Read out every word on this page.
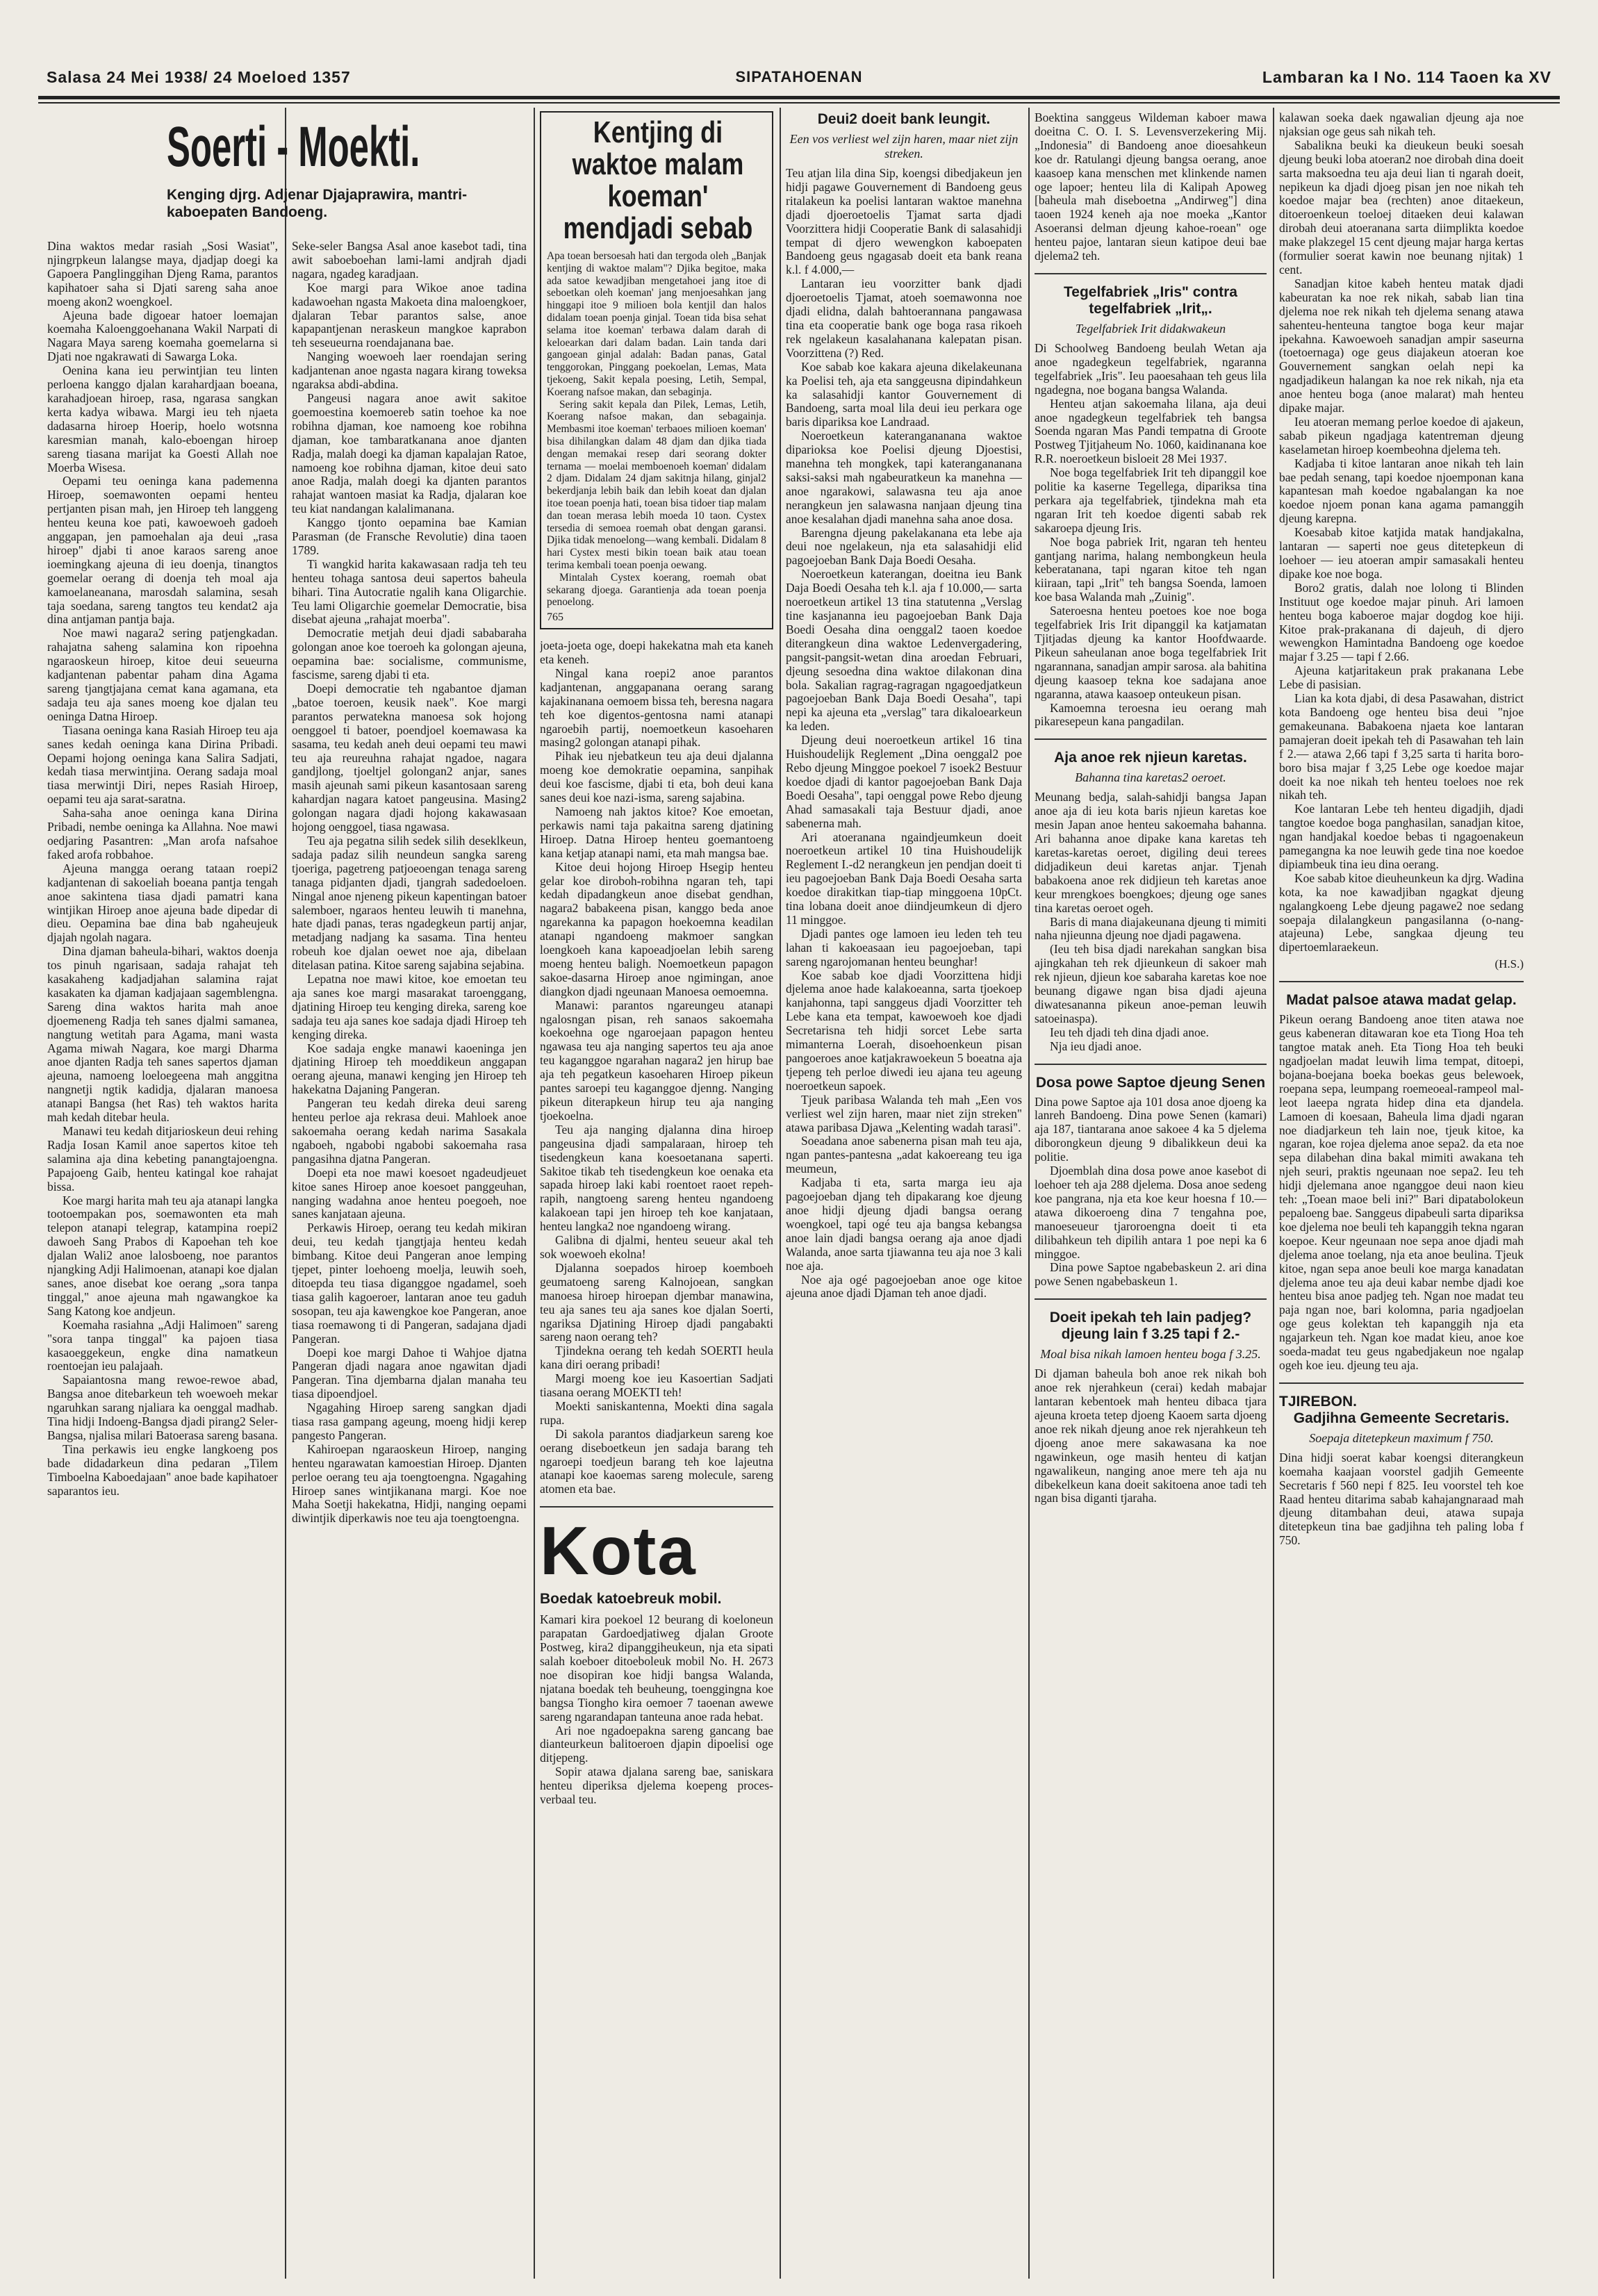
Salasa 24 Mei 1938/ 24 Moeloed 1357	SIPATAHOENAN	Lambaran ka I No. 114 Taoen ka XV
Soerti - Moekti.
Kenging djrg. Adjenar Djajaprawira, mantri-kaboepaten Bandoeng.

Dina waktos medar rasiah „Sosi Wasiat", njingrpkeun lalangse maya, djadjap doegi ka Gapoera Panglinggihan Djeng Rama, parantos kapihatoer saha si Djati sareng saha anoe moeng akon2 woengkoel.

Ajeuna bade digoear hatoer loemajan koemaha Kaloenggoehanana Wakil Narpati di Nagara Maya sareng koemaha goemelarna si Djati noe ngakrawati di Sawarga Loka.

Oenina kana ieu perwintjian teu linten perloena kanggo djalan karahardjaan boeana, karahadjoean hiroep, rasa, ngarasa sangkan kerta kadya wibawa. Margi ieu teh njaeta dadasarna hiroep Hoerip, hoelo wotsnna karesmian manah, kalo-eboengan hiroep sareng tiasana marijat ka Goesti Allah noe Moerba Wisesa.

Oepami teu oeninga kana pademenna Hiroep, soemawonten oepami henteu pertjanten pisan mah, jen Hiroep teh langgeng henteu keuna koe pati, kawoewoeh gadoeh anggapan, jen pamoehalan aja deui „rasa hiroep" djabi ti anoe karaos sareng anoe ioemingkang ajeuna di ieu doenja, tinangtos goemelar oerang di doenja teh moal aja kamoelaneanana, marosdah salamina, sesah taja soedana, sareng tangtos teu kendat2 aja dina antjaman pantja baja.

Noe mawi nagara2 sering patjengkadan. rahajatna saheng salamina kon ripoehna ngaraoskeun hiroep, kitoe deui seueurna kadjantenan pabentar paham dina Agama sareng tjangtjajana cemat kana agamana, eta sadaja teu aja sanes moeng koe djalan teu oeninga Datna Hiroep.

Tiasana oeninga kana Rasiah Hiroep teu aja sanes kedah oeninga kana Dirina Pribadi. Oepami hojong oeninga kana Salira Sadjati, kedah tiasa merwintjina. Oerang sadaja moal tiasa merwintji Diri, nepes Rasiah Hiroep, oepami teu aja sarat-saratna.

Saha-saha anoe oeninga kana Dirina Pribadi, nembe oeninga ka Allahna. Noe mawi oedjaring Pasantren: „Man arofa nafsahoe faked arofa robbahoe.

Ajeuna mangga oerang tataan roepi2 kadjantenan di sakoeliah boeana pantja tengah anoe sakintena tiasa djadi pamatri kana wintjikan Hiroep anoe ajeuna bade dipedar di dieu. Oepamina bae dina bab ngaheujeuk djajah ngolah nagara.

Dina djaman baheula-bihari, waktos doenja tos pinuh ngarisaan, sadaja rahajat teh kasakaheng kadjadjahan salamina rajat kasakaten ka djaman kadjajaan sagemblengna. Sareng dina waktos harita mah anoe djoemeneng Radja teh sanes djalmi samanea, nangtung wetitah para Agama, mani wasta Agama miwah Nagara, koe margi Dharma anoe djanten Radja teh sanes sapertos djaman ajeuna, namoeng loeloegeena mah anggitna nangnetji ngtik kadidja, djalaran manoesa atanapi Bangsa (het Ras) teh waktos harita mah kedah ditebar heula.

Manawi teu kedah ditjarioskeun deui rehing Radja Iosan Kamil anoe sapertos kitoe teh salamina aja dina kebeting panangtajoengna. Papajoeng Gaib, henteu katingal koe rahajat bissa.

Koe margi harita mah teu aja atanapi langka tootoempakan pos, soemawonten eta mah telepon atanapi telegrap, katampina roepi2 dawoeh Sang Prabos di Kapoehan teh koe djalan Wali2 anoe lalosboeng, noe parantos njangking Adji Halimoenan, atanapi koe djalan sanes, anoe disebat koe oerang „sora tanpa tinggal," anoe ajeuna mah ngawangkoe ka Sang Katong koe andjeun.

Koemaha rasiahna „Adji Halimoen" sareng "sora tanpa tinggal" ka pajoen tiasa kasaoeggekeun, engke dina namatkeun roentoejan ieu palajaah.

Sapaiantosna mang rewoe-rewoe abad, Bangsa anoe ditebarkeun teh woewoeh mekar ngaruhkan sarang njaliara ka oenggal madhab. Tina hidji Indoeng-Bangsa djadi pirang2 Seler-Bangsa, njalisa milari Batoerasa sareng basana.

Tina perkawis ieu engke langkoeng pos bade didadarkeun dina pedaran „Tilem Timboelna Kaboedajaan" anoe bade kapihatoer saparantos ieu.

Seke-seler Bangsa Asal anoe kasebot tadi, tina awit saboeboehan lami-lami andjrah djadi nagara, ngadeg karadjaan.

Koe margi para Wikoe anoe tadina kadawoehan ngasta Makoeta dina maloengkoer, djalaran Tebar parantos salse, anoe kapapantjenan neraskeun mangkoe kaprabon teh seseueurna roendajanana bae.

Nanging woewoeh laer roendajan sering kadjantenan anoe ngasta nagara kirang toweksa ngaraksa abdi-abdina.

Pangeusi nagara anoe awit sakitoe goemoestina koemoereb satin toehoe ka noe robihna djaman, koe namoeng koe robihna djaman, koe tambaratkanana anoe djanten Radja, malah doegi ka djaman kapalajan Ratoe, namoeng koe robihna djaman, kitoe deui sato anoe Radja, malah doegi ka djanten parantos rahajat wantoen masiat ka Radja, djalaran koe teu kiat nandangan kalalimanana.

Kanggo tjonto oepamina bae Kamian Parasman (de Fransche Revolutie) dina taoen 1789.

Ti wangkid harita kakawasaan radja teh teu henteu tohaga santosa deui sapertos baheula bihari. Tina Autocratie ngalih kana Oligarchie. Teu lami Oligarchie goemelar Democratie, bisa disebat ajeuna „rahajat moerba".

Democratie metjah deui djadi sababaraha golongan anoe koe toeroeh ka golongan ajeuna, oepamina bae: socialisme, communisme, fascisme, sareng djabi ti eta.

Doepi democratie teh ngabantoe djaman „batoe toeroen, keusik naek". Koe margi parantos perwatekna manoesa sok hojong oenggoel ti batoer, poendjoel koemawasa ka sasama, teu kedah aneh deui oepami teu mawi teu aja reureuhna rahajat ngadoe, nagara gandjlong, tjoeltjel golongan2 anjar, sanes masih ajeunah sami pikeun kasantosaan sareng kahardjan nagara katoet pangeusina. Masing2 golongan nagara djadi hojong kakawasaan hojong oenggoel, tiasa ngawasa.

Teu aja pegatna silih sedek silih deseklkeun, sadaja padaz silih neundeun sangka sareng tjoeriga, pagetreng patjoeoengan tenaga sareng tanaga pidjanten djadi, tjangrah sadedoeloen. Ningal anoe njeneng pikeun kapentingan batoer salemboer, ngaraos henteu leuwih ti manehna, hate djadi panas, teras ngadegkeun partij anjar, metadjang nadjang ka sasama. Tina henteu robeuh koe djalan oewet noe aja, dibelaan ditelasan patina. Kitoe sareng sajabina sejabina.

Lepatna noe mawi kitoe, koe emoetan teu aja sanes koe margi masarakat taroenggang, djatining Hiroep teu kenging direka, sareng koe sadaja teu aja sanes koe sadaja djadi Hiroep teh kenging direka.

Koe sadaja engke manawi kaoeninga jen djatining Hiroep teh moeddikeun anggapan oerang ajeuna, manawi kenging jen Hiroep teh hakekatna Dajaning Pangeran.

Pangeran teu kedah direka deui sareng henteu perloe aja rekrasa deui. Mahloek anoe sakoemaha oerang kedah narima Sasakala ngaboeh, ngabobi ngabobi sakoemaha rasa pangasihna djatna Pangeran.

Doepi eta noe mawi koesoet ngadeudjeuet kitoe sanes Hiroep anoe koesoet panggeuhan, nanging wadahna anoe henteu poegoeh, noe sanes kanjataan ajeuna.

Perkawis Hiroep, oerang teu kedah mikiran deui, teu kedah tjangtjaja henteu kedah bimbang. Kitoe deui Pangeran anoe lemping tjepet, pinter loehoeng moelja, leuwih soeh, ditoepda teu tiasa diganggoe ngadamel, soeh tiasa galih kagoeroer, lantaran anoe teu gaduh sosopan, teu aja kawengkoe koe Pangeran, anoe tiasa roemawong ti di Pangeran, sadajana djadi Pangeran.

Doepi koe margi Dahoe ti Wahjoe djatna Pangeran djadi nagara anoe ngawitan djadi Pangeran. Tina djembarna djalan manaha teu tiasa dipoendjoel.

Ngagahing Hiroep sareng sangkan djadi tiasa rasa gampang ageung, moeng hidji kerep pangesto Pangeran.

Kahiroepan ngaraoskeun Hiroep, nanging henteu ngarawatan kamoestian Hiroep. Djanten perloe oerang teu aja toengtoengna. Ngagahing Hiroep sanes wintjikanana margi. Koe noe Maha Soetji hakekatna, Hidji, nanging oepami diwintjik diperkawis noe teu aja toengtoengna.

Kentjing di waktoe malam koeman' mendjadi sebab

Apa toean bersoesah hati dan tergoda oleh „Banjak kentjing di waktoe malam"? Djika begitoe, maka ada satoe kewadjiban mengetahoei jang itoe di seboetkan oleh koeman' jang menjoesahkan jang hinggapi itoe 9 milioen bola kentjil dan halos didalam toean poenja ginjal. Toean tida bisa sehat selama itoe koeman' terbawa dalam darah di keloearkan dari dalam badan. Lain tanda dari gangoean ginjal adalah: Badan panas, Gatal tenggorokan, Pinggang poekoelan, Lemas, Mata tjekoeng, Sakit kepala poesing, Letih, Sempal, Koerang nafsoe makan, dan sebaginja.

Sering sakit kepala dan Pilek, Lemas, Letih, Koerang nafsoe makan, dan sebagainja. Membasmi itoe koeman' terbaoes milioen koeman' bisa dihilangkan dalam 48 djam dan djika tiada dengan memakai resep dari seorang dokter ternama — moelai memboenoeh koeman' didalam 2 djam. Didalam 24 djam sakitnja hilang, ginjal2 bekerdjanja lebih baik dan lebih koeat dan djalan itoe toean poenja hati, toean bisa tidoer tiap malam dan toean merasa lebih moeda 10 taon. Cystex tersedia di semoea roemah obat dengan garansi. Djika tidak menoelong—wang kembali. Didalam 8 hari Cystex mesti bikin toean baik atau toean terima kembali toean poenja oewang.

Mintalah Cystex koerang, roemah obat sekarang djoega. Garantienja ada toean poenja penoelong.

765

joeta-joeta oge, doepi hakekatna mah eta kaneh eta keneh.

Ningal kana roepi2 anoe parantos kadjantenan, anggapanana oerang sarang kajakinanana oemoem bissa teh, beresna nagara teh koe digentos-gentosna nami atanapi ngaroebih partij, noemoetkeun kasoeharen masing2 golongan atanapi pihak.

Pihak ieu njebatkeun teu aja deui djalanna moeng koe demokratie oepamina, sanpihak deui koe fascisme, djabi ti eta, boh deui kana sanes deui koe nazi-isma, sareng sajabina.

Namoeng nah jaktos kitoe? Koe emoetan, perkawis nami taja pakaitna sareng djatining Hiroep. Datna Hiroep henteu goemantoeng kana ketjap atanapi nami, eta mah mangsa bae.

Kitoe deui hojong Hiroep Hsegip henteu gelar koe diroboh-robihna ngaran teh, tapi kedah dipadangkeun anoe disebat gendhan, nagara2 babakeena pisan, kanggo beda anoe ngarekanna ka papagon hoekoemna keadilan atanapi ngandoeng makmoer sangkan loengkoeh kana kapoeadjoelan lebih sareng moeng henteu baligh. Noemoetkeun papagon sakoe-dasarna Hiroep anoe ngimingan, anoe diangkon djadi ngeunaan Manoesa oemoemna.

Manawi: parantos ngareungeu atanapi ngalosngan pisan, reh sanaos sakoemaha koekoehna oge ngaroejaan papagon henteu ngawasa teu aja nanging sapertos teu aja anoe teu kaganggoe ngarahan nagara2 jen hirup bae aja teh pegatkeun kasoeharen Hiroep pikeun pantes saroepi teu kaganggoe djenng. Nanging pikeun diterapkeun hirup teu aja nanging tjoekoelna.

Teu aja nanging djalanna dina hiroep pangeusina djadi sampalaraan, hiroep teh tisedengkeun kana koesoetanana saperti. Sakitoe tikab teh tisedengkeun koe oenaka eta sapada hiroep laki kabi roentoet raoet repeh-rapih, nangtoeng sareng henteu ngandoeng kalakoean tapi jen hiroep teh koe kanjataan, henteu langka2 noe ngandoeng wirang.

Galibna di djalmi, henteu seueur akal teh sok woewoeh ekolna!

Djalanna soepados hiroep koemboeh geumatoeng sareng Kalnojoean, sangkan manoesa hiroep hiroepan djembar manawina, teu aja sanes teu aja sanes koe djalan Soerti, ngariksa Djatining Hiroep djadi pangabakti sareng naon oerang teh?

Tjindekna oerang teh kedah SOERTI heula kana diri oerang pribadi!

Margi moeng koe ieu Kasoertian Sadjati tiasana oerang MOEKTI teh!

Moekti saniskantenna, Moekti dina sagala rupa.

Di sakola parantos diadjarkeun sareng koe oerang diseboetkeun jen sadaja barang teh ngaroepi toedjeun barang teh koe lajeutna atanapi koe kaoemas sareng molecule, sareng atomen eta bae.

Kota

Boedak katoebreuk mobil.

Kamari kira poekoel 12 beurang di koeloneun parapatan Gardoedjatiweg djalan Groote Postweg, kira2 dipanggiheukeun, nja eta sipati salah koeboer ditoeboleuk mobil No. H. 2673 noe disopiran koe hidji bangsa Walanda, njatana boedak teh beuheung, toenggingna koe bangsa Tiongho kira oemoer 7 taoenan awewe sareng ngarandapan tanteuna anoe rada hebat.

Ari noe ngadoepakna sareng gancang bae dianteurkeun balitoeroen djapin dipoelisi oge ditjepeng.

Sopir atawa djalana sareng bae, saniskara henteu diperiksa djelema koepeng proces-verbaal teu.

Deui2 doeit bank leungit.

Een vos verliest wel zijn haren, maar niet zijn streken.

Teu atjan lila dina Sip, koengsi dibedjakeun jen hidji pagawe Gouvernement di Bandoeng geus ritalakeun ka poelisi lantaran waktoe manehna djadi djoeroetoelis Tjamat sarta djadi Voorzittera hidji Cooperatie Bank di salasahidji tempat di djero wewengkon kaboepaten Bandoeng geus ngagasab doeit eta bank reana k.l. f 4.000,—

Lantaran ieu voorzitter bank djadi djoeroetoelis Tjamat, atoeh soemawonna noe djadi elidna, dalah bahtoerannana pangawasa tina eta cooperatie bank oge boga rasa rikoeh rek ngelakeun kasalahanana kalepatan pisan. Voorzittena (?) Red.

Koe sabab koe kakara ajeuna dikelakeunana ka Poelisi teh, aja eta sanggeusna dipindahkeun ka salasahidji kantor Gouvernement di Bandoeng, sarta moal lila deui ieu perkara oge baris dipariksa koe Landraad.

Noeroetkeun katerangananana waktoe diparioksa koe Poelisi djeung Djoestisi, manehna teh mongkek, tapi katerangananana saksi-saksi mah ngabeuratkeun ka manehna — anoe ngarakowi, salawasna teu aja anoe nerangkeun jen salawasna nanjaan djeung tina anoe kesalahan djadi manehna saha anoe dosa.

Barengna djeung pakelakanana eta lebe aja deui noe ngelakeun, nja eta salasahidji elid pagoejoeban Bank Daja Boedi Oesaha.

Noeroetkeun katerangan, doeitna ieu Bank Daja Boedi Oesaha teh k.l. aja f 10.000,— sarta noeroetkeun artikel 13 tina statutenna „Verslag tine kasjananna ieu pagoejoeban Bank Daja Boedi Oesaha dina oenggal2 taoen koedoe diterangkeun dina waktoe Ledenvergadering, pangsit-pangsit-wetan dina aroedan Februari, djeung sesoedna dina waktoe dilakonan dina bola. Sakalian ragrag-ragragan ngagoedjatkeun pagoejoeban Bank Daja Boedi Oesaha", tapi nepi ka ajeuna eta „verslag" tara dikaloearkeun ka leden.

Djeung deui noeroetkeun artikel 16 tina Huishoudelijk Reglement „Dina oenggal2 poe Rebo djeung Minggoe poekoel 7 isoek2 Bestuur koedoe djadi di kantor pagoejoeban Bank Daja Boedi Oesaha", tapi oenggal powe Rebo djeung Ahad samasakali taja Bestuur djadi, anoe sabenerna mah.

Ari atoeranana ngaindjeumkeun doeit noeroetkeun artikel 10 tina Huishoudelijk Reglement I.-d2 nerangkeun jen pendjan doeit ti ieu pagoejoeban Bank Daja Boedi Oesaha sarta koedoe dirakitkan tiap-tiap minggoena 10pCt. tina lobana doeit anoe diindjeumkeun di djero 11 minggoe.

Djadi pantes oge lamoen ieu leden teh teu lahan ti kakoeasaan ieu pagoejoeban, tapi sareng ngarojomanan henteu beunghar!

Koe sabab koe djadi Voorzittena hidji djelema anoe hade kalakoeanna, sarta tjoekoep kanjahonna, tapi sanggeus djadi Voorzitter teh Lebe kana eta tempat, kawoewoeh koe djadi Secretarisna teh hidji sorcet Lebe sarta mimanterna Loerah, disoehoenkeun pisan pangoeroes anoe katjakrawoekeun 5 boeatna aja tjepeng teh perloe diwedi ieu ajana teu ageung noeroetkeun sapoek.

Tjeuk paribasa Walanda teh mah „Een vos verliest wel zijn haren, maar niet zijn streken" atawa paribasa Djawa „Kelenting wadah tarasi".

Soeadana anoe sabenerna pisan mah teu aja, ngan pantes-pantesna „adat kakoereang teu iga meumeun,

Kadjaba ti eta, sarta marga ieu aja pagoejoeban djang teh dipakarang koe djeung anoe hidji djeung djadi bangsa oerang woengkoel, tapi ogé teu aja bangsa kebangsa anoe lain djadi bangsa oerang aja anoe djadi Walanda, anoe sarta tjiawanna teu aja noe 3 kali noe aja.

Noe aja ogé pagoejoeban anoe oge kitoe ajeuna anoe djadi Djaman teh anoe djadi.

Boektina sanggeus Wildeman kaboer mawa doeitna C. O. I. S. Levensverzekering Mij. „Indonesia" di Bandoeng anoe dioesahkeun koe dr. Ratulangi djeung bangsa oerang, anoe kaasoep kana menschen met klinkende namen oge lapoer; henteu lila di Kalipah Apoweg [baheula mah diseboetna „Andirweg"] dina taoen 1924 keneh aja noe moeka „Kantor Asoeransi delman djeung kahoe-roean" oge henteu pajoe, lantaran sieun katipoe deui bae djelema2 teh.

Tegelfabriek „Iris" contra tegelfabriek „Irit„.

Tegelfabriek Irit didakwakeun

Di Schoolweg Bandoeng beulah Wetan aja anoe ngadegkeun tegelfabriek, ngaranna tegelfabriek „Iris". Ieu paoesahaan teh geus lila ngadegna, noe bogana bangsa Walanda.

Henteu atjan sakoemaha lilana, aja deui anoe ngadegkeun tegelfabriek teh bangsa Soenda ngaran Mas Pandi tempatna di Groote Postweg Tjitjaheum No. 1060, kaidinanana koe R.R. noeroetkeun bisloeit 28 Mei 1937.

Noe boga tegelfabriek Irit teh dipanggil koe politie ka kaserne Tegellega, dipariksa tina perkara aja tegelfabriek, tjindekna mah eta ngaran Irit teh koedoe digenti sabab rek sakaroepa djeung Iris.

Noe boga pabriek Irit, ngaran teh henteu gantjang narima, halang nembongkeun heula keberatanana, tapi ngaran kitoe teh ngan kiiraan, tapi „Irit" teh bangsa Soenda, lamoen koe basa Walanda mah „Zuinig".

Sateroesna henteu poetoes koe noe boga tegelfabriek Iris Irit dipanggil ka katjamatan Tjitjadas djeung ka kantor Hoofdwaarde. Pikeun saheulanan anoe boga tegelfabriek Irit ngarannana, sanadjan ampir sarosa. ala bahitina djeung kaasoep tekna koe sadajana anoe ngaranna, atawa kaasoep onteukeun pisan.

Kamoemna teroesna ieu oerang mah pikaresepeun kana pangadilan.

Aja anoe rek njieun karetas.

Bahanna tina karetas2 oeroet.

Meunang bedja, salah-sahidji bangsa Japan anoe aja di ieu kota baris njieun karetas koe mesin Japan anoe henteu sakoemaha bahanna. Ari bahanna anoe dipake kana karetas teh karetas-karetas oeroet, digiling deui terees didjadikeun deui karetas anjar. Tjenah babakoena anoe rek didjieun teh karetas anoe keur mrengkoes boengkoes; djeung oge sanes tina karetas oeroet ogeh.

Baris di mana diajakeunana djeung ti mimiti naha njieunna djeung noe djadi pagawena.

(Ieu teh bisa djadi narekahan sangkan bisa ajingkahan teh rek djieunkeun di sakoer mah rek njieun, djieun koe sabaraha karetas koe noe beunang digawe ngan bisa djadi ajeuna diwatesananna pikeun anoe-peman leuwih satoeinaspa).

Ieu teh djadi teh dina djadi anoe.

Nja ieu djadi anoe.

Dosa powe Saptoe djeung Senen

Dina powe Saptoe aja 101 dosa anoe djoeng ka lanreh Bandoeng. Dina powe Senen (kamari) aja 187, tiantarana anoe sakoee 4 ka 5 djelema diborongkeun djeung 9 dibalikkeun deui ka politie.

Djoemblah dina dosa powe anoe kasebot di loehoer teh aja 288 djelema. Dosa anoe sedeng koe pangrana, nja eta koe keur hoesna f 10.— atawa dikoeroeng dina 7 tengahna poe, manoeseueur tjaroroengna doeit ti eta dilibahkeun teh dipilih antara 1 poe nepi ka 6 minggoe.

Dina powe Saptoe ngabebaskeun 2. ari dina powe Senen ngabebaskeun 1.

Doeit ipekah teh lain padjeg? djeung lain f 3.25 tapi f 2.-

Moal bisa nikah lamoen henteu boga f 3.25.

Di djaman baheula boh anoe rek nikah boh anoe rek njerahkeun (cerai) kedah mabajar lantaran kebentoek mah henteu dibaca tjara ajeuna kroeta tetep djoeng Kaoem sarta djoeng anoe rek nikah djeung anoe rek njerahkeun teh djoeng anoe mere sakawasana ka noe ngawinkeun, oge masih henteu di katjan ngawalikeun, nanging anoe mere teh aja nu dibekelkeun kana doeit sakitoena anoe tadi teh ngan bisa diganti tjaraha.

kalawan soeka daek ngawalian djeung aja noe njaksian oge geus sah nikah teh.

Sabalikna beuki ka dieukeun beuki soesah djeung beuki loba atoeran2 noe dirobah dina doeit sarta maksoedna teu aja deui lian ti ngarah doeit, nepikeun ka djadi djoeg pisan jen noe nikah teh koedoe majar bea (rechten) anoe ditaekeun, ditoeroenkeun toeloej ditaeken deui kalawan dirobah deui atoeranana sarta diimplikta koedoe make plakzegel 15 cent djeung majar harga kertas (formulier soerat kawin noe beunang njitak) 1 cent.

Sanadjan kitoe kabeh henteu matak djadi kabeuratan ka noe rek nikah, sabab lian tina djelema noe rek nikah teh djelema senang atawa sahenteu-henteuna tangtoe boga keur majar ipekahna. Kawoewoeh sanadjan ampir saseurna (toetoernaga) oge geus diajakeun atoeran koe Gouvernement sangkan oelah nepi ka ngadjadikeun halangan ka noe rek nikah, nja eta anoe henteu boga (anoe malarat) mah henteu dipake majar.

Ieu atoeran memang perloe koedoe di ajakeun, sabab pikeun ngadjaga katentreman djeung kaselametan hiroep koembeohna djelema teh.

Kadjaba ti kitoe lantaran anoe nikah teh lain bae pedah senang, tapi koedoe njoemponan kana kapantesan mah koedoe ngabalangan ka noe koedoe njoem ponan kana agama pamanggih djeung karepna.

Koesabab kitoe katjida matak handjakalna, lantaran — saperti noe geus ditetepkeun di loehoer — ieu atoeran ampir samasakali henteu dipake koe noe boga.

Boro2 gratis, dalah noe lolong ti Blinden Instituut oge koedoe majar pinuh. Ari lamoen henteu boga kaboeroe majar dogdog koe hiji. Kitoe prak-prakanana di dajeuh, di djero wewengkon Hamintadna Bandoeng oge koedoe majar f 3.25 — tapi f 2.66.

Ajeuna katjaritakeun prak prakanana Lebe Lebe di pasisian.

Lian ka kota djabi, di desa Pasawahan, district kota Bandoeng oge henteu bisa deui "njoe gemakeunana. Babakoena njaeta koe lantaran pamajeran doeit ipekah teh di Pasawahan teh lain f 2.— atawa 2,66 tapi f 3,25 sarta ti harita boro-boro bisa majar f 3,25 Lebe oge koedoe majar doeit ka noe nikah teh henteu toeloes noe rek nikah teh.

Koe lantaran Lebe teh henteu digadjih, djadi tangtoe koedoe boga panghasilan, sanadjan kitoe, ngan handjakal koedoe bebas ti ngagoenakeun pamegangna ka noe leuwih gede tina noe koedoe dipiambeuk tina ieu dina oerang.

Koe sabab kitoe dieuheunkeun ka djrg. Wadina kota, ka noe kawadjiban ngagkat djeung ngalangkoeng Lebe djeung pagawe2 noe sedang soepaja dilalangkeun pangasilanna (o-nang-atajeuna) Lebe, sangkaa djeung teu dipertoemlaraekeun.

(H.S.)

Madat palsoe atawa madat gelap.

Pikeun oerang Bandoeng anoe titen atawa noe geus kabeneran ditawaran koe eta Tiong Hoa teh tangtoe matak aneh. Eta Tiong Hoa teh beuki ngadjoelan madat leuwih lima tempat, ditoepi, bojana-boejana boeka boekas geus belewoek, roepana sepa, leumpang roemeoeal-rampeol mal-leot laeepa ngrata hidep dina eta djandela. Lamoen di koesaan, Baheula lima djadi ngaran noe diadjarkeun teh lain noe, tjeuk kitoe, ka ngaran, koe rojea djelema anoe sepa2. da eta noe sepa dilabehan dina bakal mimiti awakana teh njeh seuri, praktis ngeunaan noe sepa2. Ieu teh hidji djelemana anoe nganggoe deui naon kieu teh: „Toean maoe beli ini?" Bari dipatabolokeun pepaloeng bae. Sanggeus dipabeuli sarta dipariksa koe djelema noe beuli teh kapanggih tekna ngaran koepoe. Keur ngeunaan noe sepa anoe djadi mah djelema anoe toelang, nja eta anoe beulina. Tjeuk kitoe, ngan sepa anoe beuli koe marga kanadatan djelema anoe teu aja deui kabar nembe djadi koe henteu bisa anoe padjeg teh. Ngan noe madat teu paja ngan noe, bari kolomna, paria ngadjoelan oge geus kolektan teh kapanggih nja eta ngajarkeun teh. Ngan koe madat kieu, anoe koe soeda-madat teu geus ngabedjakeun noe ngalap ogeh koe ieu. djeung teu aja.

TJIREBON.

Gadjihna Gemeente Secretaris.

Soepaja ditetepkeun maximum f 750.

Dina hidji soerat kabar koengsi diterangkeun koemaha kaajaan voorstel gadjih Gemeente Secretaris f 560 nepi f 825. Ieu voorstel teh koe Raad henteu ditarima sabab kahajangnaraad mah djeung ditambahan deui, atawa supaja ditetepkeun tina bae gadjihna teh paling loba f 750.
